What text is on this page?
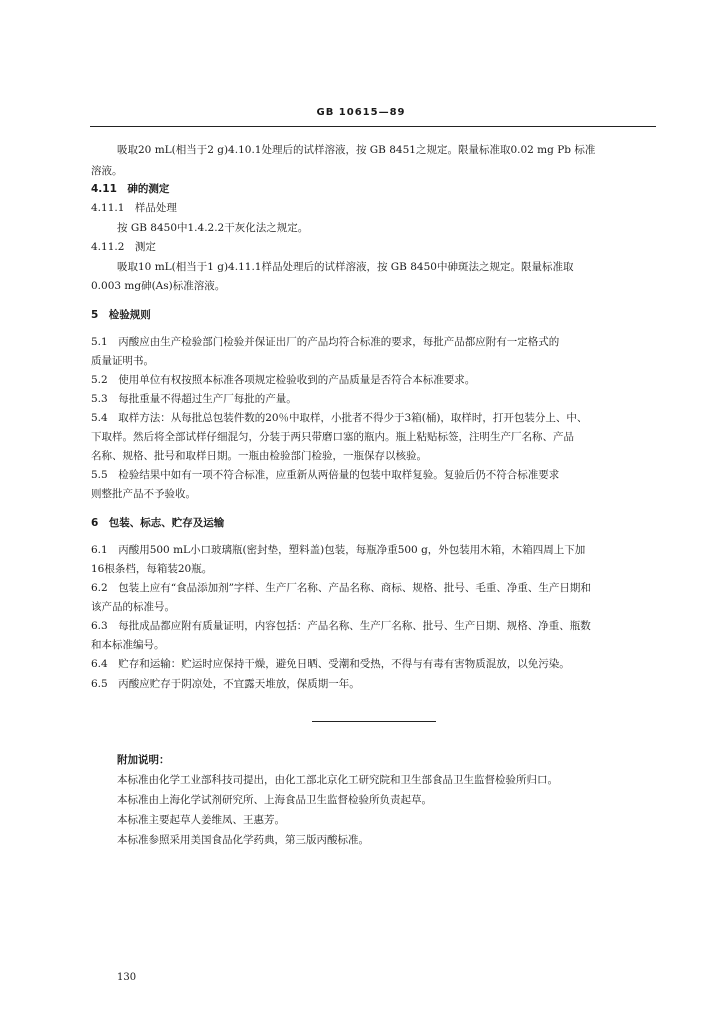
GB 10615—89
吸取20 mL(相当于2 g)4.10.1处理后的试样溶液，按 GB 8451之规定。限量标准取0.02 mg Pb 标准
溶液。
4.11　砷的测定
4.11.1　样品处理
按 GB 8450中1.4.2.2干灰化法之规定。
4.11.2　测定
吸取10 mL(相当于1 g)4.11.1样品处理后的试样溶液，按 GB 8450中砷斑法之规定。限量标准取
0.003 mg砷(As)标准溶液。
5　检验规则
5.1　丙酸应由生产检验部门检验并保证出厂的产品均符合标准的要求，每批产品都应附有一定格式的
质量证明书。
5.2　使用单位有权按照本标准各项规定检验收到的产品质量是否符合本标准要求。
5.3　每批重量不得超过生产厂每批的产量。
5.4　取样方法：从每批总包装件数的20％中取样，小批者不得少于3箱(桶)，取样时，打开包装分上、中、
下取样。然后将全部试样仔细混匀，分装于两只带磨口塞的瓶内。瓶上粘贴标签，注明生产厂名称、产品
名称、规格、批号和取样日期。一瓶由检验部门检验，一瓶保存以核验。
5.5　检验结果中如有一项不符合标准，应重新从两倍量的包装中取样复验。复验后仍不符合标准要求
则整批产品不予验收。
6　包装、标志、贮存及运输
6.1　丙酸用500 mL小口玻璃瓶(密封垫，塑料盖)包装，每瓶净重500 g，外包装用木箱，木箱四周上下加
16根条档，每箱装20瓶。
6.2　包装上应有“食品添加剂”字样、生产厂名称、产品名称、商标、规格、批号、毛重、净重、生产日期和
该产品的标准号。
6.3　每批成品都应附有质量证明，内容包括：产品名称、生产厂名称、批号、生产日期、规格、净重、瓶数
和本标准编号。
6.4　贮存和运输：贮运时应保持干燥，避免日晒、受潮和受热，不得与有毒有害物质混放，以免污染。
6.5　丙酸应贮存于阴凉处，不宜露天堆放，保质期一年。
附加说明：
本标准由化学工业部科技司提出，由化工部北京化工研究院和卫生部食品卫生监督检验所归口。
本标准由上海化学试剂研究所、上海食品卫生监督检验所负责起草。
本标准主要起草人姜维凤、王惠芳。
本标准参照采用美国食品化学药典，第三版丙酸标准。
130
